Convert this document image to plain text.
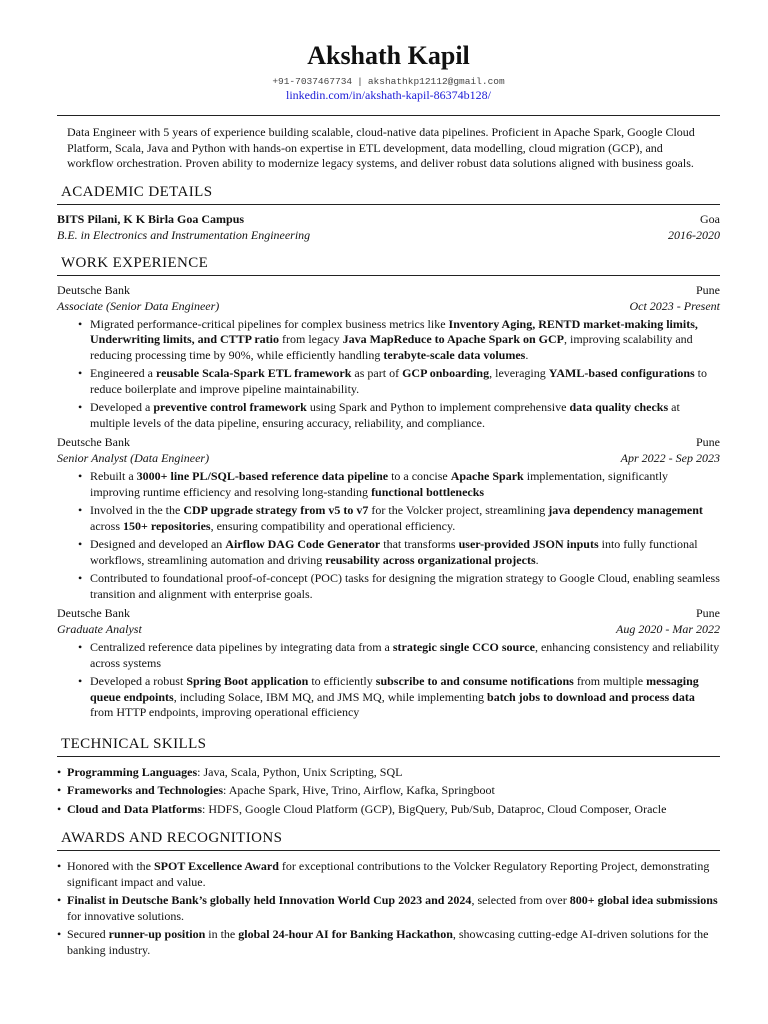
Akshath Kapil
+91-7037467734 | akshathkp12112@gmail.com
linkedin.com/in/akshath-kapil-86374b128/
Data Engineer with 5 years of experience building scalable, cloud-native data pipelines. Proficient in Apache Spark, Google Cloud Platform, Scala, Java and Python with hands-on expertise in ETL development, data modelling, cloud migration (GCP), and workflow orchestration. Proven ability to modernize legacy systems, and deliver robust data solutions aligned with business goals.
ACADEMIC DETAILS
BITS Pilani, K K Birla Goa Campus	Goa
B.E. in Electronics and Instrumentation Engineering	2016-2020
WORK EXPERIENCE
Deutsche Bank	Pune
Associate (Senior Data Engineer)	Oct 2023 - Present
• Migrated performance-critical pipelines for complex business metrics like Inventory Aging, RENTD market-making limits, Underwriting limits, and CTTP ratio from legacy Java MapReduce to Apache Spark on GCP, improving scalability and reducing processing time by 90%, while efficiently handling terabyte-scale data volumes.
• Engineered a reusable Scala-Spark ETL framework as part of GCP onboarding, leveraging YAML-based configurations to reduce boilerplate and improve pipeline maintainability.
• Developed a preventive control framework using Spark and Python to implement comprehensive data quality checks at multiple levels of the data pipeline, ensuring accuracy, reliability, and compliance.
Deutsche Bank	Pune
Senior Analyst (Data Engineer)	Apr 2022 - Sep 2023
• Rebuilt a 3000+ line PL/SQL-based reference data pipeline to a concise Apache Spark implementation, significantly improving runtime efficiency and resolving long-standing functional bottlenecks
• Involved in the the CDP upgrade strategy from v5 to v7 for the Volcker project, streamlining java dependency management across 150+ repositories, ensuring compatibility and operational efficiency.
• Designed and developed an Airflow DAG Code Generator that transforms user-provided JSON inputs into fully functional workflows, streamlining automation and driving reusability across organizational projects.
• Contributed to foundational proof-of-concept (POC) tasks for designing the migration strategy to Google Cloud, enabling seamless transition and alignment with enterprise goals.
Deutsche Bank	Pune
Graduate Analyst	Aug 2020 - Mar 2022
• Centralized reference data pipelines by integrating data from a strategic single CCO source, enhancing consistency and reliability across systems
• Developed a robust Spring Boot application to efficiently subscribe to and consume notifications from multiple messaging queue endpoints, including Solace, IBM MQ, and JMS MQ, while implementing batch jobs to download and process data from HTTP endpoints, improving operational efficiency
TECHNICAL SKILLS
• Programming Languages: Java, Scala, Python, Unix Scripting, SQL
• Frameworks and Technologies: Apache Spark, Hive, Trino, Airflow, Kafka, Springboot
• Cloud and Data Platforms: HDFS, Google Cloud Platform (GCP), BigQuery, Pub/Sub, Dataproc, Cloud Composer, Oracle
AWARDS AND RECOGNITIONS
• Honored with the SPOT Excellence Award for exceptional contributions to the Volcker Regulatory Reporting Project, demonstrating significant impact and value.
• Finalist in Deutsche Bank’s globally held Innovation World Cup 2023 and 2024, selected from over 800+ global idea submissions for innovative solutions.
• Secured runner-up position in the global 24-hour AI for Banking Hackathon, showcasing cutting-edge AI-driven solutions for the banking industry.
